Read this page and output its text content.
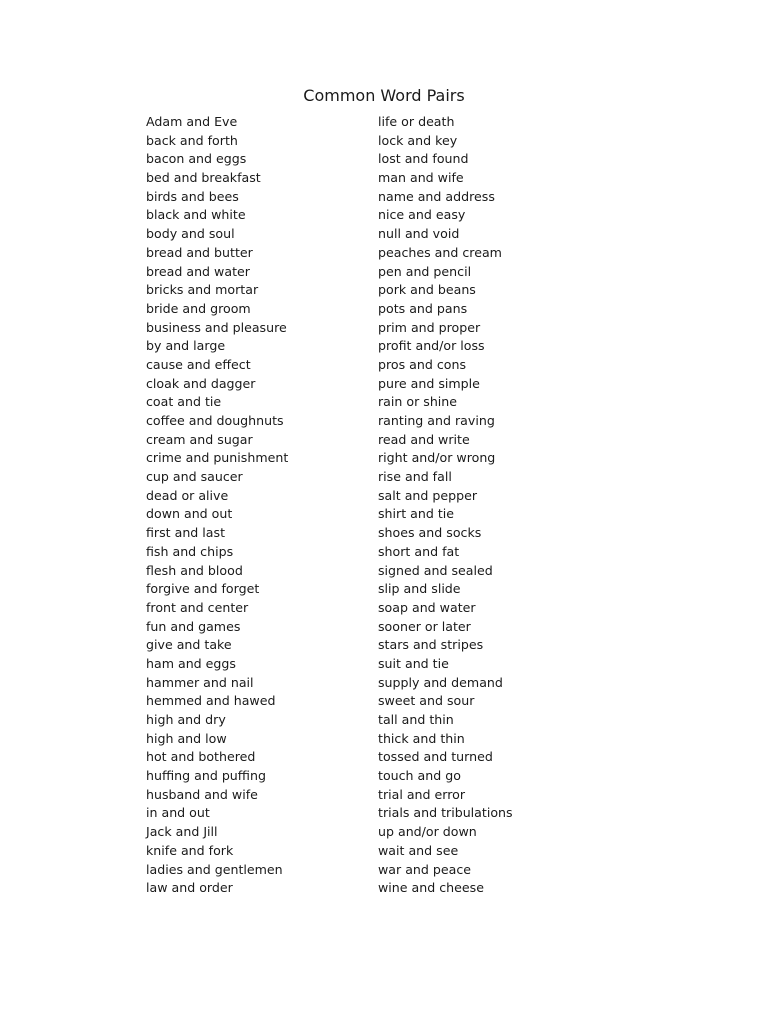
Common Word Pairs
Adam and Eve
back and forth
bacon and eggs
bed and breakfast
birds and bees
black and white
body and soul
bread and butter
bread and water
bricks and mortar
bride and groom
business and pleasure
by and large
cause and effect
cloak and dagger
coat and tie
coffee and doughnuts
cream and sugar
crime and punishment
cup and saucer
dead or alive
down and out
first and last
fish and chips
flesh and blood
forgive and forget
front and center
fun and games
give and take
ham and eggs
hammer and nail
hemmed and hawed
high and dry
high and low
hot and bothered
huffing and puffing
husband and wife
in and out
Jack and Jill
knife and fork
ladies and gentlemen
law and order
life or death
lock and key
lost and found
man and wife
name and address
nice and easy
null and void
peaches and cream
pen and pencil
pork and beans
pots and pans
prim and proper
profit and/or loss
pros and cons
pure and simple
rain or shine
ranting and raving
read and write
right and/or wrong
rise and fall
salt and pepper
shirt and tie
shoes and socks
short and fat
signed and sealed
slip and slide
soap and water
sooner or later
stars and stripes
suit and tie
supply and demand
sweet and sour
tall and thin
thick and thin
tossed and turned
touch and go
trial and error
trials and tribulations
up and/or down
wait and see
war and peace
wine and cheese
